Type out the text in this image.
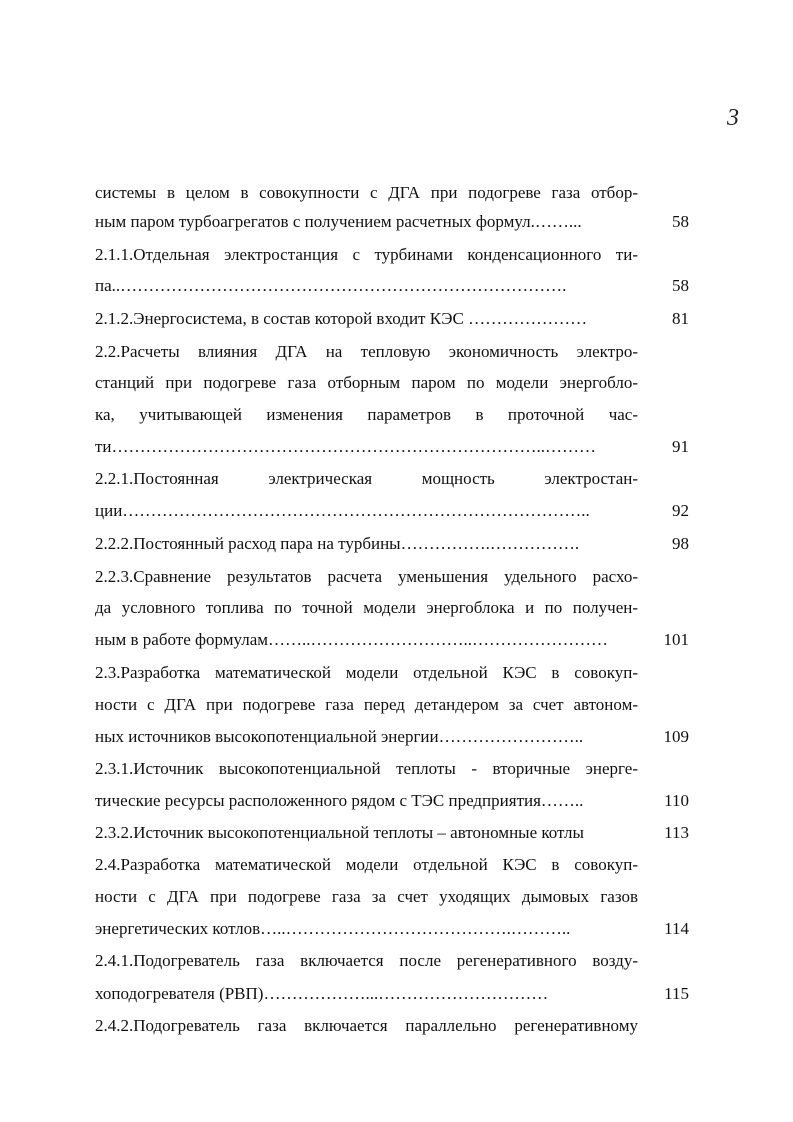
3
системы в целом в совокупности с ДГА при подогреве газа отбор-
ным паром турбоагрегатов с получением расчетных формул.……...	58
2.1.1.Отдельная электростанция с турбинами конденсационного ти-
па..…………………………………………………………………….	58
2.1.2.Энергосистема, в состав которой входит КЭС …………………	81
2.2.Расчеты влияния ДГА на тепловую экономичность электро-
станций при подогреве газа отборным паром по модели энергобло-
ка, учитывающей изменения параметров в проточной час-
ти…………………………………………………………………..………	91
2.2.1.Постоянная электрическая мощность электростан-
ции………………………………………………………………………..	92
2.2.2.Постоянный расход пара на турбины…………….…………….	98
2.2.3.Сравнение результатов расчета уменьшения удельного расхо-
да условного топлива по точной модели энергоблока и по получен-
ным в работе формулам……..………………………..……………………	101
2.3.Разработка математической модели отдельной КЭС в совокуп-
ности с ДГА при подогреве газа перед детандером за счет автоном-
ных источников высокопотенциальной энергии……………………..	109
2.3.1.Источник высокопотенциальной теплоты - вторичные энерге-
тические ресурсы расположенного рядом с ТЭС предприятия……..	110
2.3.2.Источник высокопотенциальной теплоты – автономные котлы	113
2.4.Разработка математической модели отдельной КЭС в совокуп-
ности с ДГА при подогреве газа за счет уходящих дымовых газов
энергетических котлов…..………………………………….………..	114
2.4.1.Подогреватель газа включается после регенеративного возду-
хоподогревателя (РВП)………………...…………………………	115
2.4.2.Подогреватель газа включается параллельно регенеративному
